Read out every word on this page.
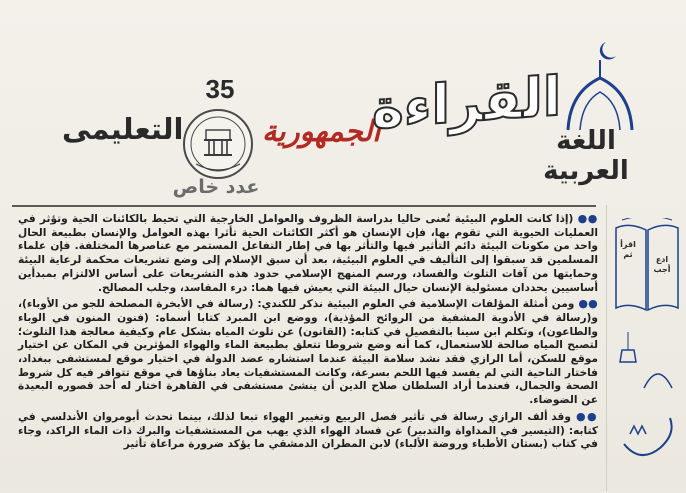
35
عدد خاص
التعليمى	الجمهورية
القراءة
اللغة العربية

●● (إذا كانت العلوم البيئية تُعنى حاليا بدراسة الظروف والعوامل الخارجية التي تحيط بالكائنات الحية وتؤثر في العمليات الحيوية التي تقوم بها، فإن الإنسان هو أكثر الكائنات الحية تأثرا بهذه العوامل والإنسان بطبيعة الحال واحد من مكونات البيئة دائم التأثير فيها والتأثر بها في إطار التفاعل المستمر مع عناصرها المختلفة. فإن علماء المسلمين قد سبقوا إلى التأليف في العلوم البيئية، بعد أن سبق الإسلام إلى وضع تشريعات محكمة لرعاية البيئة وحمايتها من آفات التلوث والفساد، ورسم المنهج الإسلامي حدود هذه التشريعات على أساس الالتزام بمبدأين أساسيين يحددان مسئولية الإنسان حيال البيئة التي يعيش فيها هما: درء المفاسد، وجلب المصالح.

●● ومن أمثلة المؤلفات الإسلامية في العلوم البيئية نذكر للكندي: (رسالة في الأبخرة المصلحة للجو من الأوباء)، و(رسالة في الأدوية المشفية من الروائح المؤذية)، ووضع ابن المبرد كتابا أسماه: (فنون المنون في الوباء والطاعون)، وتكلم ابن سينا بالتفصيل في كتابه: (القانون) عن تلوث المياه بشكل عام وكيفية معالجة هذا التلوث؛ لتصبح المياه صالحة للاستعمال، كما أنه وضع شروطا تتعلق بطبيعة الماء والهواء المؤثرين في المكان عن اختيار موقع للسكن، أما الرازي فقد نشد سلامة البيئة عندما استشاره عضد الدولة في اختيار موقع لمستشفى ببغداد، فاختار الناحية التي لم يفسد فيها اللحم بسرعة، وكانت المستشفيات يعاد بناؤها في موقع تتوافر فيه كل شروط الصحة والجمال، فعندما أراد السلطان صلاح الدين أن ينشئ مستشفى في القاهرة اختار له أحد قصوره البعيدة عن الضوضاء.

●● وقد ألف الرازي رسالة في تأثير فصل الربيع وتغيير الهواء تبعا لذلك، بينما تحدث أبومروان الأندلسي في كتابه: (التيسير في المداواة والتدبير) عن فساد الهواء الذي يهب من المستشفيات والبرك ذات الماء الراكد، وجاء في كتاب (بستان الأطباء وروضة الألباء) لابن المطران الدمشقي ما يؤكد ضرورة مراعاة تأثير

اقرأ
ثم
ادع
أجب
